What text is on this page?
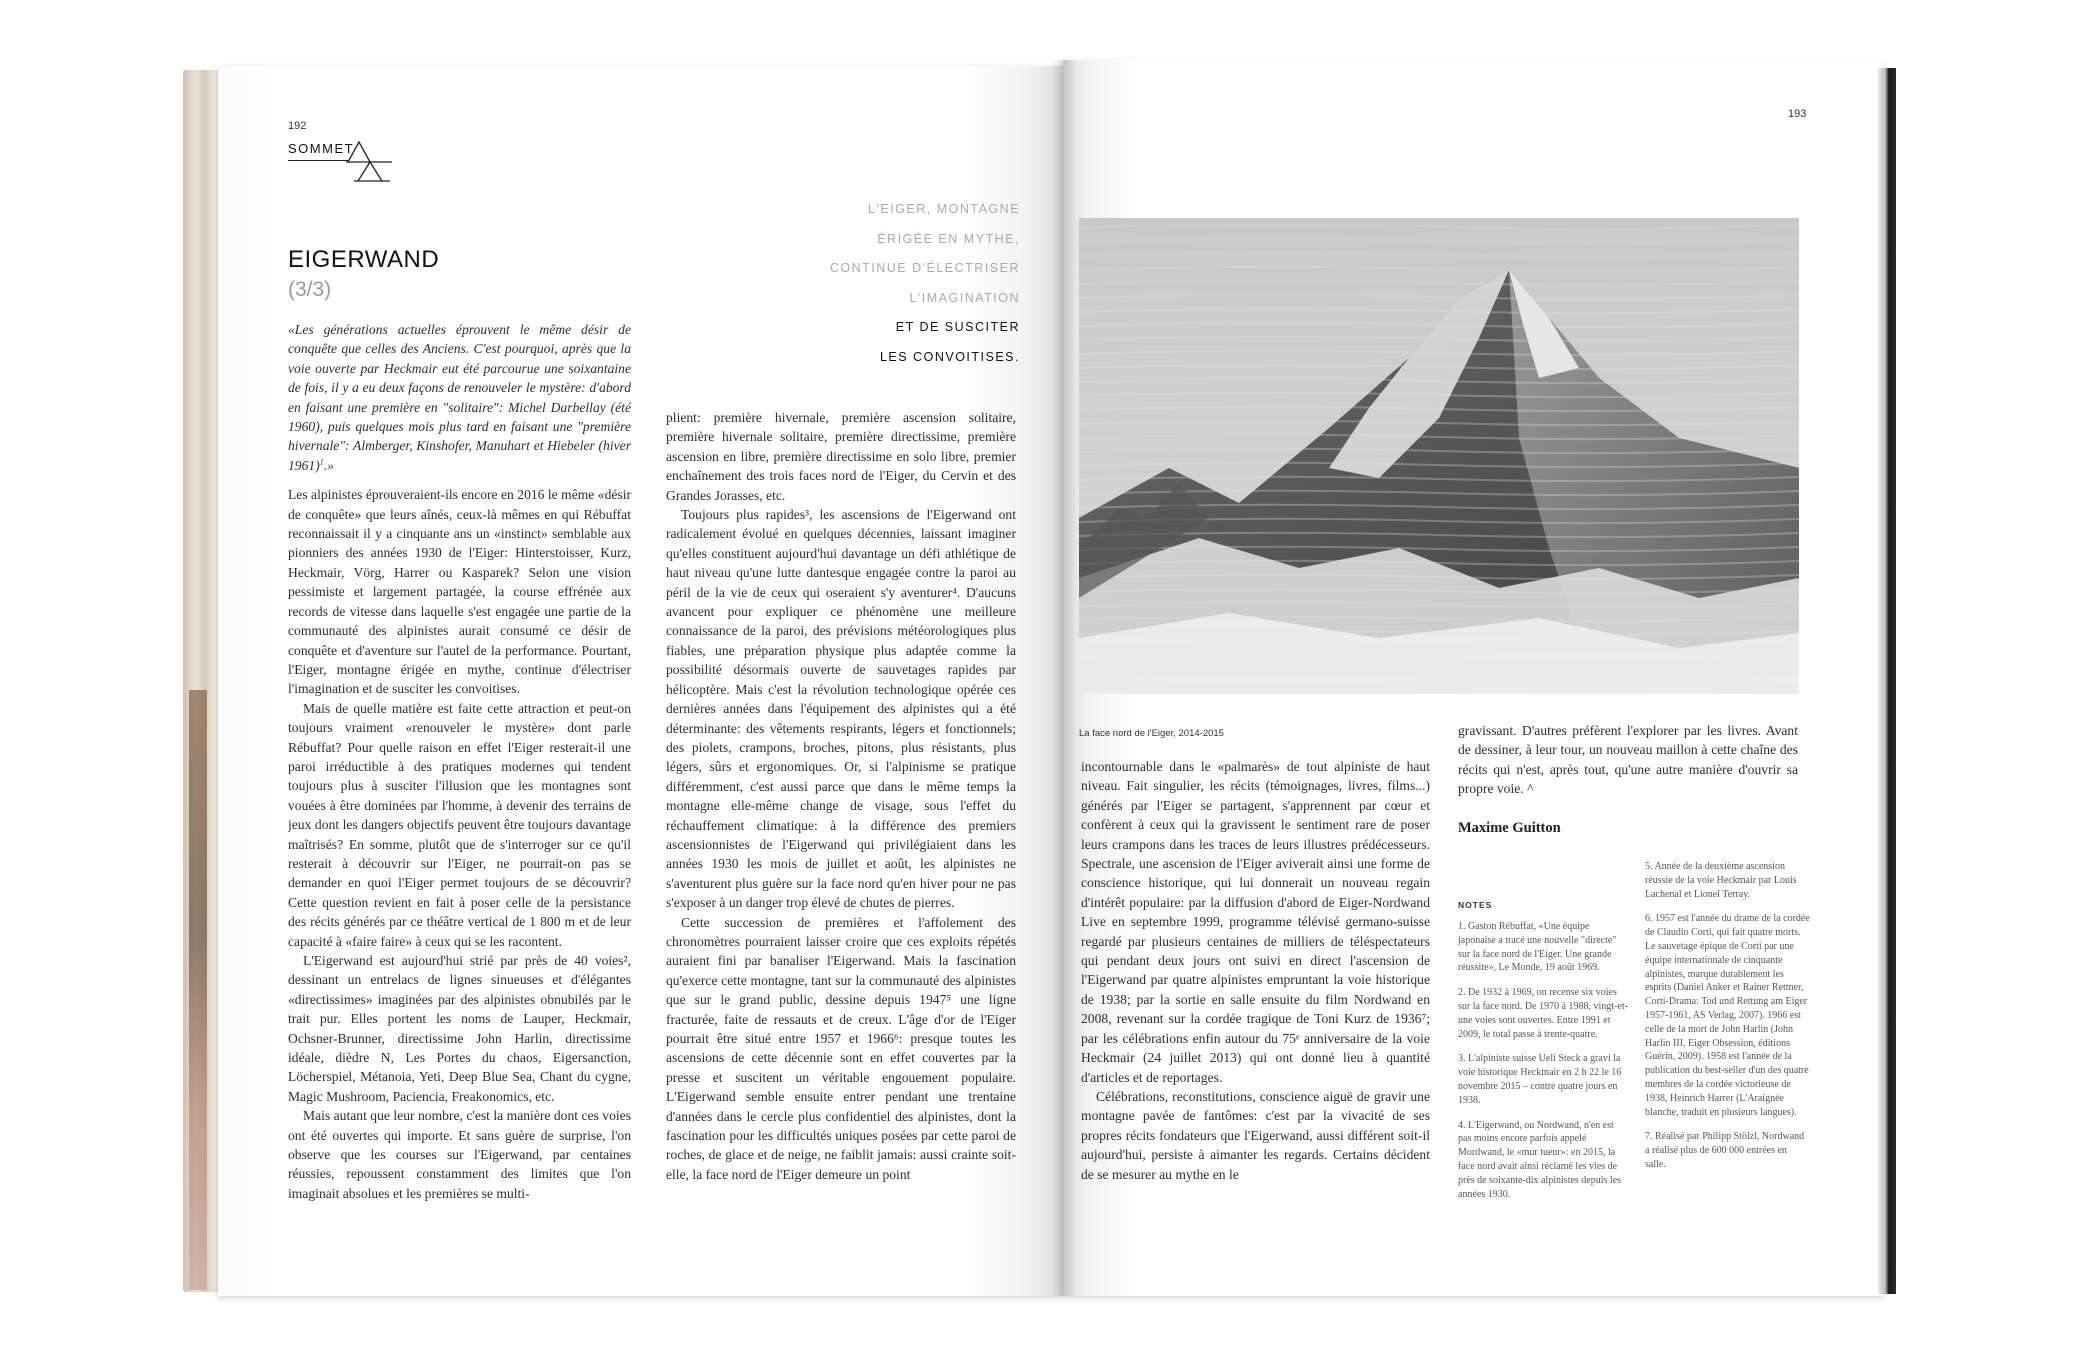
192
SOMMET
EIGERWAND
(3/3)
L'EIGER, MONTAGNE
ÉRIGÉE EN MYTHE,
CONTINUE D'ÉLECTRISER
L'IMAGINATION
ET DE SUSCITER
LES CONVOITISES.

«Les générations actuelles éprouvent le même désir de conquête que celles des Anciens. C'est pourquoi, après que la voie ouverte par Heckmair eut été parcourue une soixantaine de fois, il y a eu deux façons de renouveler le mystère: d'abord en faisant une première en "solitaire": Michel Darbellay (été 1960), puis quelques mois plus tard en faisant une "première hivernale": Almberger, Kinshofer, Manuhart et Hiebeler (hiver 1961)$^1$.»

Les alpinistes éprouveraient-ils encore en 2016 le même «désir de conquête» que leurs aînés, ceux-là mêmes en qui Rébuffat reconnaissait il y a cinquante ans un «instinct» semblable aux pionniers des années 1930 de l'Eiger: Hinterstoisser, Kurz, Heckmair, Vörg, Harrer ou Kasparek? Selon une vision pessimiste et largement partagée, la course effrénée aux records de vitesse dans laquelle s'est engagée une partie de la communauté des alpinistes aurait consumé ce désir de conquête et d'aventure sur l'autel de la performance. Pourtant, l'Eiger, montagne érigée en mythe, continue d'électriser l'imagination et de susciter les convoitises.

Mais de quelle matière est faite cette attraction et peut-on toujours vraiment «renouveler le mystère» dont parle Rébuffat? Pour quelle raison en effet l'Eiger resterait-il une paroi irréductible à des pratiques modernes qui tendent toujours plus à susciter l'illusion que les montagnes sont vouées à être dominées par l'homme, à devenir des terrains de jeux dont les dangers objectifs peuvent être toujours davantage maîtrisés? En somme, plutôt que de s'interroger sur ce qu'il resterait à découvrir sur l'Eiger, ne pourrait-on pas se demander en quoi l'Eiger permet toujours de se découvrir? Cette question revient en fait à poser celle de la persistance des récits générés par ce théâtre vertical de 1 800 m et de leur capacité à «faire faire» à ceux qui se les racontent.

L'Eigerwand est aujourd'hui strié par près de 40 voies², dessinant un entrelacs de lignes sinueuses et d'élégantes «directissimes» imaginées par des alpinistes obnubilés par le trait pur. Elles portent les noms de Lauper, Heckmair, Ochsner-Brunner, directissime John Harlin, directissime idéale, dièdre N, Les Portes du chaos, Eigersanction, Löcherspiel, Métanoia, Yeti, Deep Blue Sea, Chant du cygne, Magic Mushroom, Paciencia, Freakonomics, etc.

Mais autant que leur nombre, c'est la manière dont ces voies ont été ouvertes qui importe. Et sans guère de surprise, l'on observe que les courses sur l'Eigerwand, par centaines réussies, repoussent constamment des limites que l'on imaginait absolues et les premières se multi-

plient: première hivernale, première ascension solitaire, première hivernale solitaire, première directissime, première ascension en libre, première directissime en solo libre, premier enchaînement des trois faces nord de l'Eiger, du Cervin et des Grandes Jorasses, etc.

Toujours plus rapides³, les ascensions de l'Eigerwand ont radicalement évolué en quelques décennies, laissant imaginer qu'elles constituent aujourd'hui davantage un défi athlétique de haut niveau qu'une lutte dantesque engagée contre la paroi au péril de la vie de ceux qui oseraient s'y aventurer⁴. D'aucuns avancent pour expliquer ce phénomène une meilleure connaissance de la paroi, des prévisions météorologiques plus fiables, une préparation physique plus adaptée comme la possibilité désormais ouverte de sauvetages rapides par hélicoptère. Mais c'est la révolution technologique opérée ces dernières années dans l'équipement des alpinistes qui a été déterminante: des vêtements respirants, légers et fonctionnels; des piolets, crampons, broches, pitons, plus résistants, plus légers, sûrs et ergonomiques. Or, si l'alpinisme se pratique différemment, c'est aussi parce que dans le même temps la montagne elle-même change de visage, sous l'effet du réchauffement climatique: à la différence des premiers ascensionnistes de l'Eigerwand qui privilégiaient dans les années 1930 les mois de juillet et août, les alpinistes ne s'aventurent plus guère sur la face nord qu'en hiver pour ne pas s'exposer à un danger trop élevé de chutes de pierres.

Cette succession de premières et l'affolement des chronomètres pourraient laisser croire que ces exploits répétés auraient fini par banaliser l'Eigerwand. Mais la fascination qu'exerce cette montagne, tant sur la communauté des alpinistes que sur le grand public, dessine depuis 1947⁵ une ligne fracturée, faite de ressauts et de creux. L'âge d'or de l'Eiger pourrait être situé entre 1957 et 1966⁶: presque toutes les ascensions de cette décennie sont en effet couvertes par la presse et suscitent un véritable engouement populaire. L'Eigerwand semble ensuite entrer pendant une trentaine d'années dans le cercle plus confidentiel des alpinistes, dont la fascination pour les difficultés uniques posées par cette paroi de roches, de glace et de neige, ne faiblit jamais: aussi crainte soit-elle, la face nord de l'Eiger demeure un point

193
La face nord de l'Eiger, 2014-2015

incontournable dans le «palmarès» de tout alpiniste de haut niveau. Fait singulier, les récits (témoignages, livres, films...) générés par l'Eiger se partagent, s'apprennent par cœur et confèrent à ceux qui la gravissent le sentiment rare de poser leurs crampons dans les traces de leurs illustres prédécesseurs. Spectrale, une ascension de l'Eiger aviverait ainsi une forme de conscience historique, qui lui donnerait un nouveau regain d'intérêt populaire: par la diffusion d'abord de Eiger-Nordwand Live en septembre 1999, programme télévisé germano-suisse regardé par plusieurs centaines de milliers de téléspectateurs qui pendant deux jours ont suivi en direct l'ascension de l'Eigerwand par quatre alpinistes empruntant la voie historique de 1938; par la sortie en salle ensuite du film Nordwand en 2008, revenant sur la cordée tragique de Toni Kurz de 1936⁷; par les célébrations enfin autour du 75ᵉ anniversaire de la voie Heckmair (24 juillet 2013) qui ont donné lieu à quantité d'articles et de reportages.

Célébrations, reconstitutions, conscience aiguë de gravir une montagne pavée de fantômes: c'est par la vivacité de ses propres récits fondateurs que l'Eigerwand, aussi différent soit-il aujourd'hui, persiste à aimanter les regards. Certains décident de se mesurer au mythe en le

gravissant. D'autres préfèrent l'explorer par les livres. Avant de dessiner, à leur tour, un nouveau maillon à cette chaîne des récits qui n'est, après tout, qu'une autre manière d'ouvrir sa propre voie. ^

Maxime Guitton
NOTES

1. Gaston Rébuffat, «Une équipe japonaise a tracé une nouvelle "directe" sur la face nord de l'Eiger. Une grande réussite», Le Monde, 19 août 1969.

2. De 1932 à 1969, on recense six voies sur la face nord. De 1970 à 1988, vingt-et-une voies sont ouvertes. Entre 1991 et 2009, le total passe à trente-quatre.

3. L'alpiniste suisse Ueli Steck a gravi la voie historique Heckmair en 2 h 22 le 16 novembre 2015 – contre quatre jours en 1938.

4. L'Eigerwand, ou Nordwand, n'en est pas moins encore parfois appelé Mordwand, le «mur tueur»: en 2015, la face nord avait ainsi réclamé les vies de près de soixante-dix alpinistes depuis les années 1930.

5. Année de la deuxième ascension réussie de la voie Heckmair par Louis Lachenal et Lionel Terray.

6. 1957 est l'année du drame de la cordée de Claudio Corti, qui fait quatre morts. Le sauvetage épique de Corti par une équipe internationale de cinquante alpinistes, marque durablement les esprits (Daniel Anker et Rainer Rettner, Corti-Drama: Tod und Rettung am Eiger 1957-1961, AS Verlag, 2007). 1966 est celle de la mort de John Harlin (John Harlin III, Eiger Obsession, éditions Guérin, 2009). 1958 est l'année de la publication du best-seller d'un des quatre membres de la cordée victorieuse de 1938, Heinrich Harrer (L'Araignée blanche, traduit en plusieurs langues).

7. Réalisé par Philipp Stölzl, Nordwand a réalisé plus de 600 000 entrées en salle.
